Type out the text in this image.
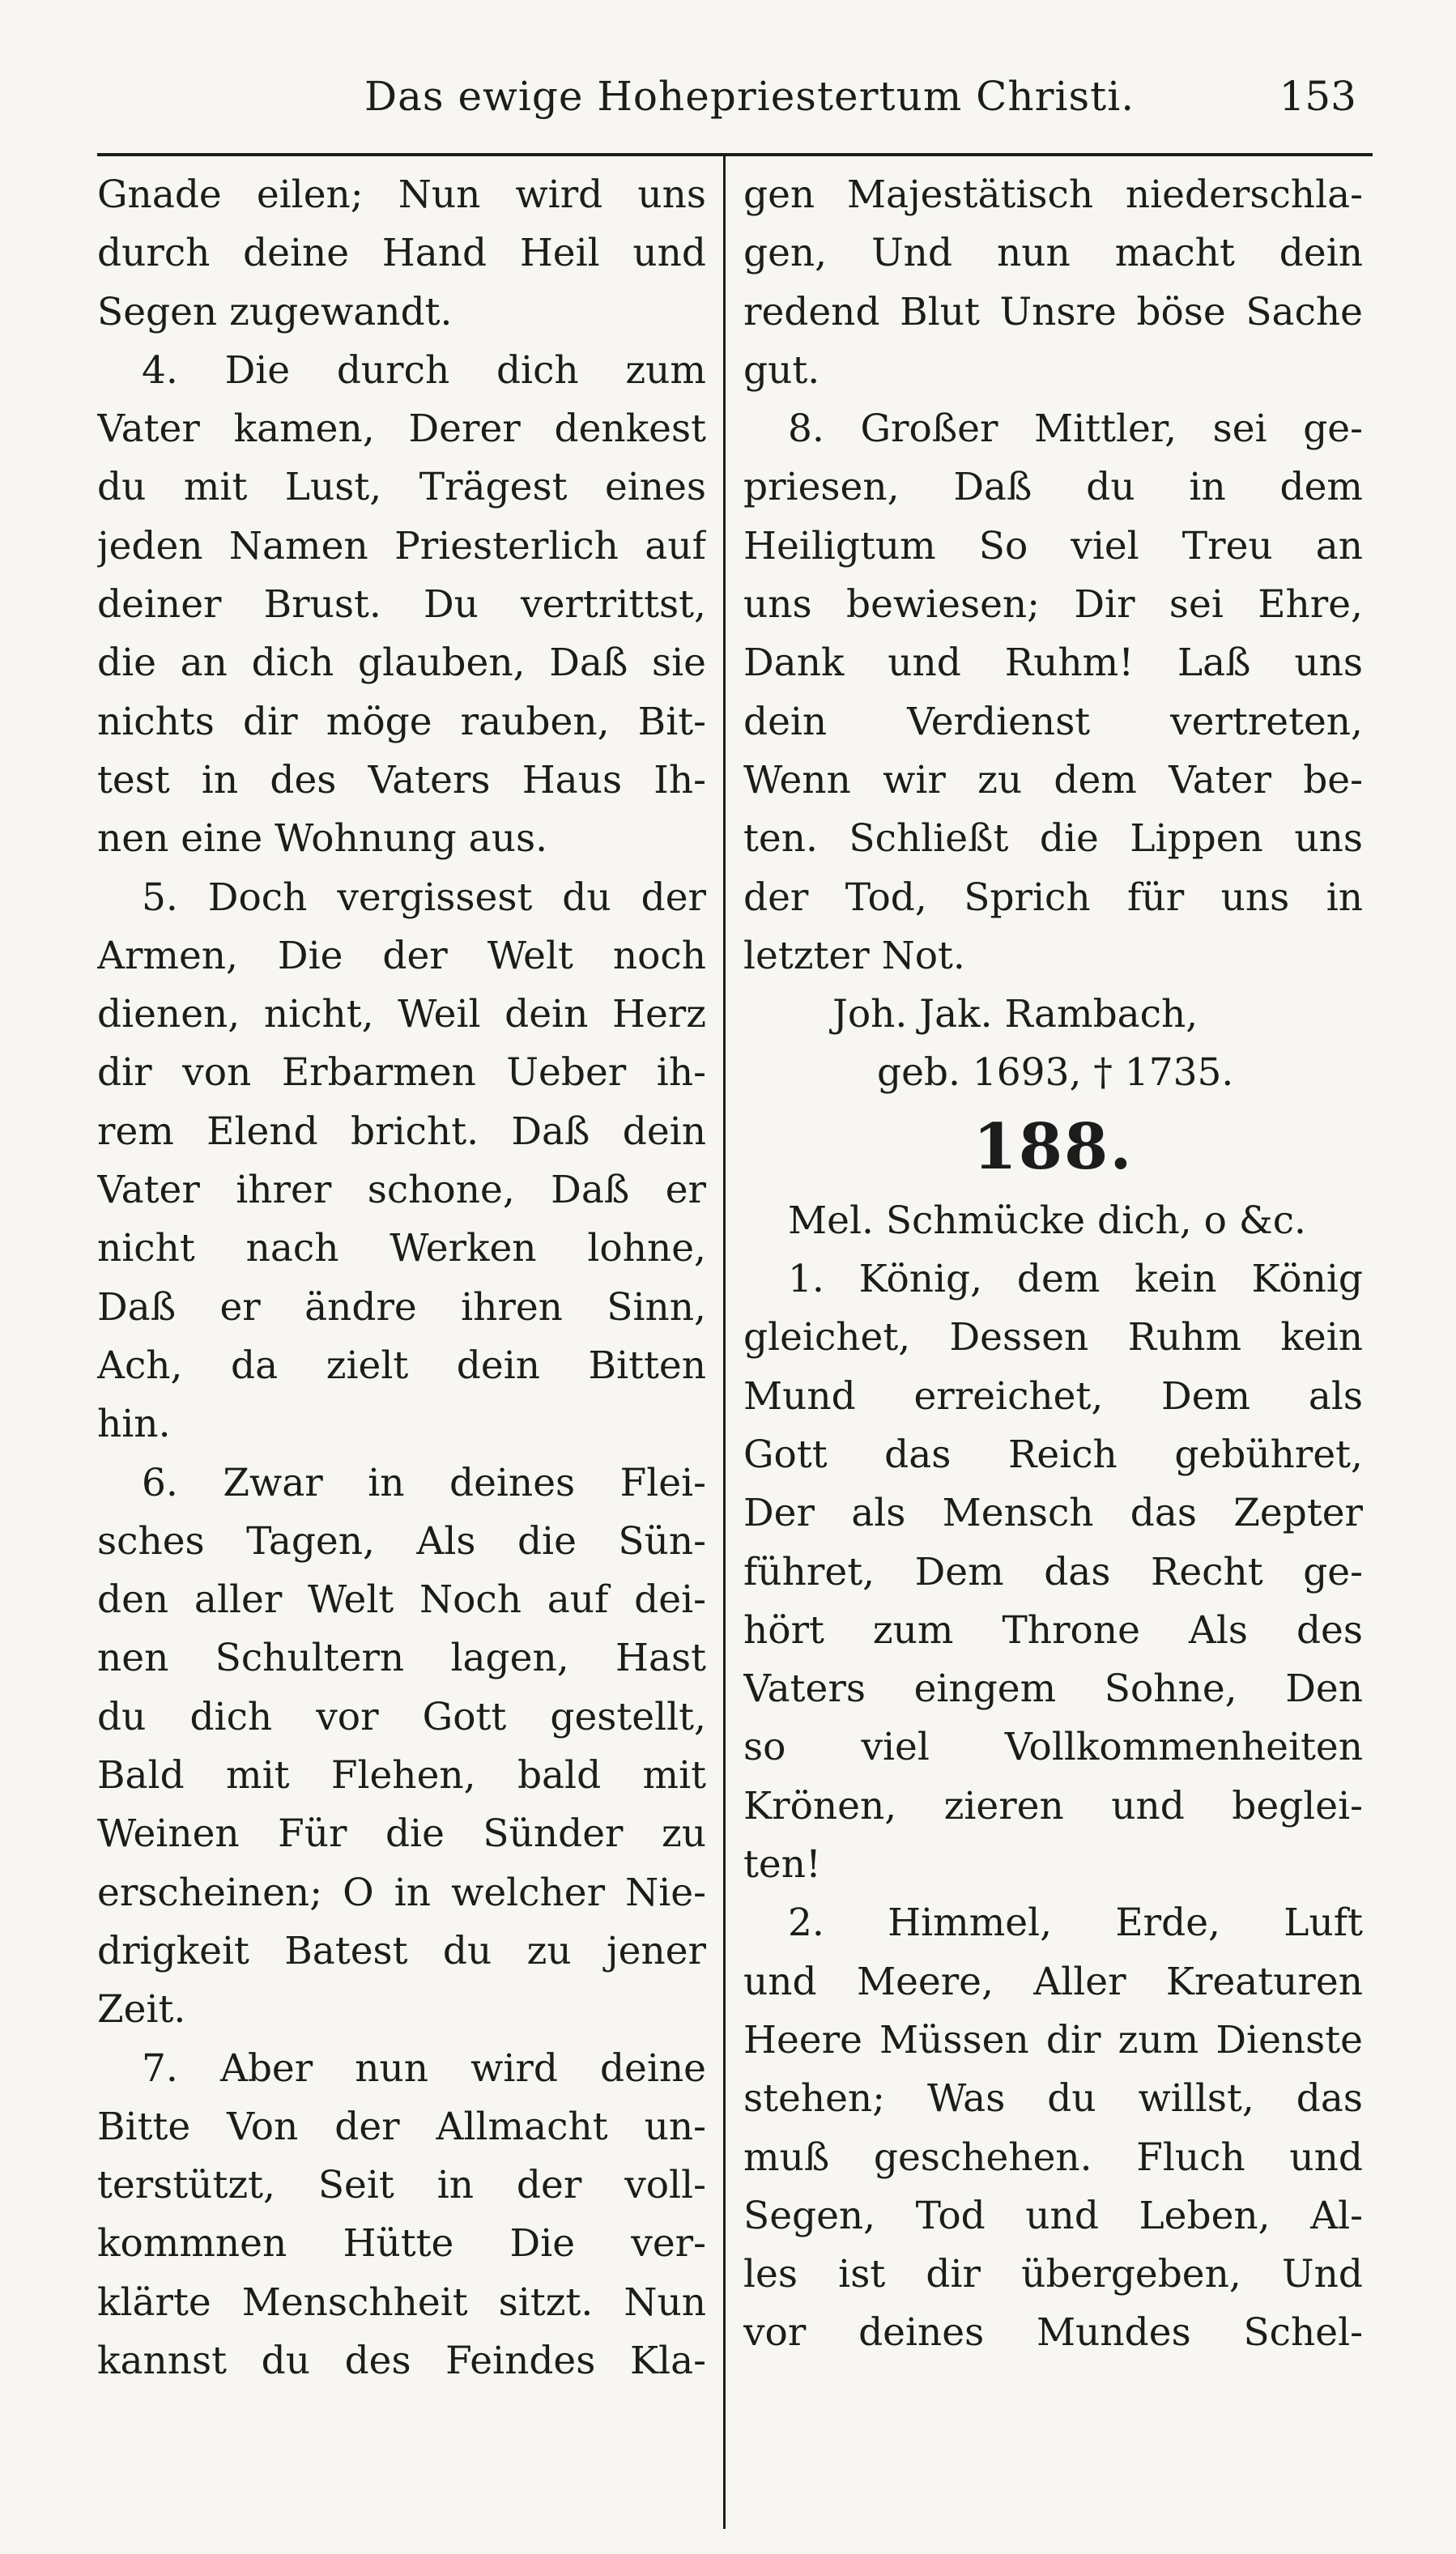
Das ewige Hohepriestertum Christi.	153
Gnade eilen; Nun wird uns
durch deine Hand Heil und
Segen zugewandt.
4. Die durch dich zum
Vater kamen, Derer denkest
du mit Lust, Trägest eines
jeden Namen Priesterlich auf
deiner Brust. Du vertrittst,
die an dich glauben, Daß sie
nichts dir möge rauben, Bit-
test in des Vaters Haus Ih-
nen eine Wohnung aus.
5. Doch vergissest du der
Armen, Die der Welt noch
dienen, nicht, Weil dein Herz
dir von Erbarmen Ueber ih-
rem Elend bricht. Daß dein
Vater ihrer schone, Daß er
nicht nach Werken lohne,
Daß er ändre ihren Sinn,
Ach, da zielt dein Bitten
hin.
6. Zwar in deines Flei-
sches Tagen, Als die Sün-
den aller Welt Noch auf dei-
nen Schultern lagen, Hast
du dich vor Gott gestellt,
Bald mit Flehen, bald mit
Weinen Für die Sünder zu
erscheinen; O in welcher Nie-
drigkeit Batest du zu jener
Zeit.
7. Aber nun wird deine
Bitte Von der Allmacht un-
terstützt, Seit in der voll-
kommnen Hütte Die ver-
klärte Menschheit sitzt. Nun
kannst du des Feindes Kla-
gen Majestätisch niederschla-
gen, Und nun macht dein
redend Blut Unsre böse Sache
gut.
8. Großer Mittler, sei ge-
priesen, Daß du in dem
Heiligtum So viel Treu an
uns bewiesen; Dir sei Ehre,
Dank und Ruhm! Laß uns
dein Verdienst vertreten,
Wenn wir zu dem Vater be-
ten. Schließt die Lippen uns
der Tod, Sprich für uns in
letzter Not.
Joh. Jak. Rambach,
geb. 1693, † 1735.
188.
Mel. Schmücke dich, o &c.
1. König, dem kein König
gleichet, Dessen Ruhm kein
Mund erreichet, Dem als
Gott das Reich gebühret,
Der als Mensch das Zepter
führet, Dem das Recht ge-
hört zum Throne Als des
Vaters eingem Sohne, Den
so viel Vollkommenheiten
Krönen, zieren und beglei-
ten!
2. Himmel, Erde, Luft
und Meere, Aller Kreaturen
Heere Müssen dir zum Dienste
stehen; Was du willst, das
muß geschehen. Fluch und
Segen, Tod und Leben, Al-
les ist dir übergeben, Und
vor deines Mundes Schel-
